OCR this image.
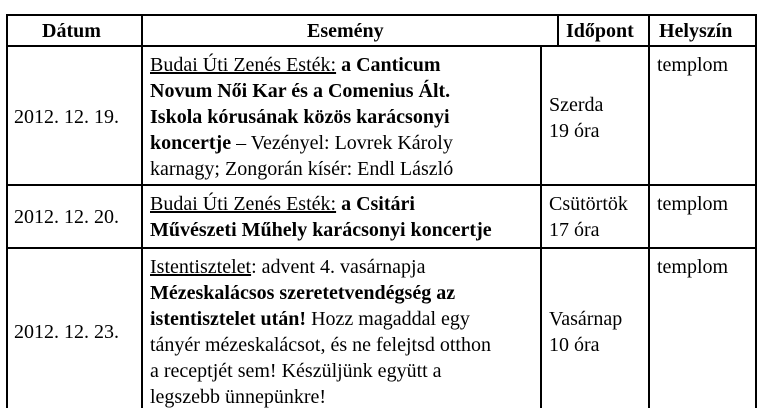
Dátum	Esemény	Időpont Helyszín
2012. 12. 19.
Budai Úti Zenés Esték: a Canticum
Novum Női Kar és a Comenius Ált.
Iskola kórusának közös karácsonyi
koncertje – Vezényel: Lovrek Károly
karnagy; Zongorán kísér: Endl László
Szerda
19 óra
templom
2012. 12. 20.
Budai Úti Zenés Esték: a Csitári
Művészeti Műhely karácsonyi koncertje
Csütörtök
17 óra
templom
2012. 12. 23.
Istentisztelet: advent 4. vasárnapja
Mézeskalácsos szeretetvendégség az
istentisztelet után! Hozz magaddal egy
tányér mézeskalácsot, és ne felejtsd otthon
a receptjét sem! Készüljünk együtt a
legszebb ünnepünkre!
Vasárnap
10 óra
templom
